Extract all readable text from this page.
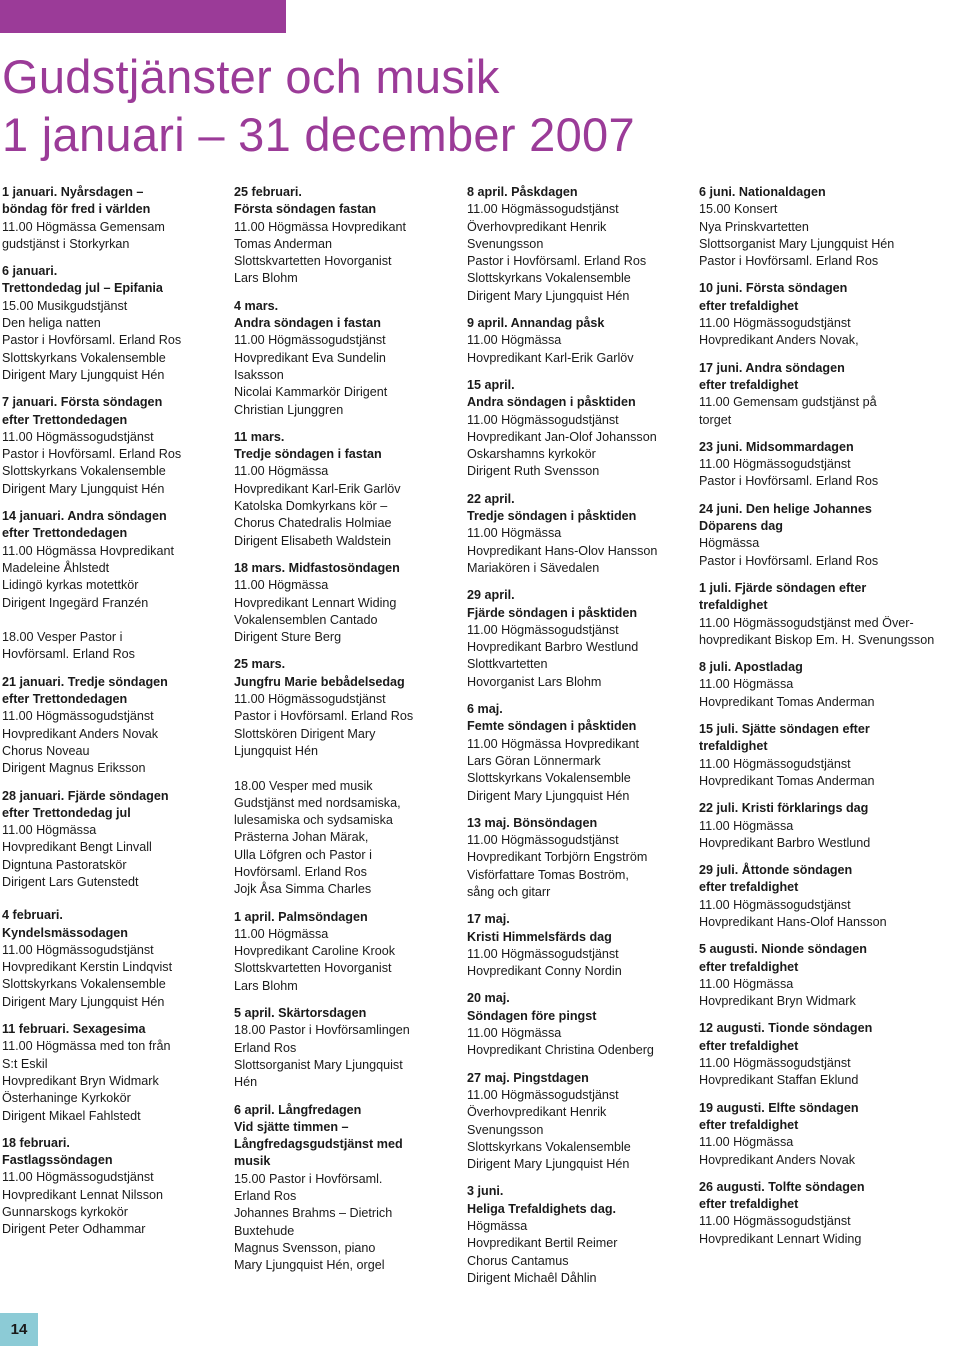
Gudstjänster och musik
1 januari – 31 december 2007
1 januari. Nyårsdagen –
böndag för fred i världen
11.00 Högmässa Gemensam
gudstjänst i Storkyrkan
6 januari.
Trettondedag jul – Epifania
15.00 Musikgudstjänst
Den heliga natten
Pastor i Hovförsaml. Erland Ros
Slottskyrkans Vokalensemble
Dirigent Mary Ljungquist Hén
7 januari. Första söndagen
efter Trettondedagen
11.00 Högmässogudstjänst
Pastor i Hovförsaml. Erland Ros
Slottskyrkans Vokalensemble
Dirigent Mary Ljungquist Hén
14 januari. Andra söndagen
efter Trettondedagen
11.00 Högmässa Hovpredikant
Madeleine Åhlstedt
Lidingö kyrkas motettkör
Dirigent Ingegärd Franzén

18.00 Vesper Pastor i
Hovförsaml. Erland Ros
21 januari. Tredje söndagen
efter Trettondedagen
11.00 Högmässogudstjänst
Hovpredikant Anders Novak
Chorus Noveau
Dirigent Magnus Eriksson
28 januari. Fjärde söndagen
efter Trettondedag jul
11.00 Högmässa
Hovpredikant Bengt Linvall
Digntuna Pastoratskör
Dirigent Lars Gutenstedt
4 februari.
Kyndelsmässodagen
11.00 Högmässogudstjänst
Hovpredikant Kerstin Lindqvist
Slottskyrkans Vokalensemble
Dirigent Mary Ljungquist Hén
11 februari. Sexagesima
11.00 Högmässa med ton från
S:t Eskil
Hovpredikant Bryn Widmark
Österhaninge Kyrkokör
Dirigent Mikael Fahlstedt
18 februari.
Fastlagssöndagen
11.00 Högmässogudstjänst
Hovpredikant Lennat Nilsson
Gunnarskogs kyrkokör
Dirigent Peter Odhammar
25 februari.
Första söndagen fastan
11.00 Högmässa Hovpredikant
Tomas Anderman
Slottskvartetten Hovorganist
Lars Blohm
4 mars.
Andra söndagen i fastan
11.00 Högmässogudstjänst
Hovpredikant Eva Sundelin
Isaksson
Nicolai Kammarkör Dirigent
Christian Ljunggren
11 mars.
Tredje söndagen i fastan
11.00 Högmässa
Hovpredikant Karl-Erik Garlöv
Katolska Domkyrkans kör –
Chorus Chatedralis Holmiae
Dirigent Elisabeth Waldstein
18 mars. Midfastosöndagen
11.00 Högmässa
Hovpredikant Lennart Widing
Vokalensemblen Cantado
Dirigent Sture Berg
25 mars.
Jungfru Marie bebådelsedag
11.00 Högmässogudstjänst
Pastor i Hovförsaml. Erland Ros
Slottskören Dirigent Mary
Ljungquist Hén

18.00 Vesper med musik
Gudstjänst med nordsamiska,
lulesamiska och sydsamiska
Prästerna Johan Märak,
Ulla Löfgren och Pastor i
Hovförsaml. Erland Ros
Jojk Åsa Simma Charles
1 april. Palmsöndagen
11.00 Högmässa
Hovpredikant Caroline Krook
Slottskvartetten Hovorganist
Lars Blohm
5 april. Skärtorsdagen
18.00 Pastor i Hovförsamlingen
Erland Ros
Slottsorganist Mary Ljungquist
Hén
6 april. Långfredagen
Vid sjätte timmen –
Långfredagsgudstjänst med
musik
15.00 Pastor i Hovförsaml.
Erland Ros
Johannes Brahms – Dietrich
Buxtehude
Magnus Svensson, piano
Mary Ljungquist Hén, orgel
8 april. Påskdagen
11.00 Högmässogudstjänst
Överhovpredikant Henrik
Svenungsson
Pastor i Hovförsaml. Erland Ros
Slottskyrkans Vokalensemble
Dirigent Mary Ljungquist Hén
9 april. Annandag påsk
11.00 Högmässa
Hovpredikant Karl-Erik Garlöv
15 april.
Andra söndagen i påsktiden
11.00 Högmässogudstjänst
Hovpredikant Jan-Olof Johansson
Oskarshamns kyrkokör
Dirigent Ruth Svensson
22 april.
Tredje söndagen i påsktiden
11.00 Högmässa
Hovpredikant Hans-Olov Hansson
Mariakören i Sävedalen
29 april.
Fjärde söndagen i påsktiden
11.00 Högmässogudstjänst
Hovpredikant Barbro Westlund
Slottkvartetten
Hovorganist Lars Blohm
6 maj.
Femte söndagen i påsktiden
11.00 Högmässa Hovpredikant
Lars Göran Lönnermark
Slottskyrkans Vokalensemble
Dirigent Mary Ljungquist Hén
13 maj. Bönsöndagen
11.00 Högmässogudstjänst
Hovpredikant Torbjörn Engström
Visförfattare Tomas Boström,
sång och gitarr
17 maj.
Kristi Himmelsfärds dag
11.00 Högmässogudstjänst
Hovpredikant Conny Nordin
20 maj.
Söndagen före pingst
11.00 Högmässa
Hovpredikant Christina Odenberg
27 maj. Pingstdagen
11.00 Högmässogudstjänst
Överhovpredikant Henrik
Svenungsson
Slottskyrkans Vokalensemble
Dirigent Mary Ljungquist Hén
3 juni.
Heliga Trefaldighets dag.
Högmässa
Hovpredikant Bertil Reimer
Chorus Cantamus
Dirigent Michaêl Dåhlin
6 juni. Nationaldagen
15.00 Konsert
Nya Prinskvartetten
Slottsorganist Mary Ljungquist Hén
Pastor i Hovförsaml. Erland Ros
10 juni. Första söndagen
efter trefaldighet
11.00 Högmässogudstjänst
Hovpredikant Anders Novak,
17 juni. Andra söndagen
efter trefaldighet
11.00 Gemensam gudstjänst på
torget
23 juni. Midsommardagen
11.00 Högmässogudstjänst
Pastor i Hovförsaml. Erland Ros
24 juni. Den helige Johannes
Döparens dag
Högmässa
Pastor i Hovförsaml. Erland Ros
1 juli. Fjärde söndagen efter
trefaldighet
11.00 Högmässogudstjänst med Över-
hovpredikant Biskop Em. H. Svenungsson
8 juli. Apostladag
11.00 Högmässa
Hovpredikant Tomas Anderman
15 juli. Sjätte söndagen efter
trefaldighet
11.00 Högmässogudstjänst
Hovpredikant Tomas Anderman
22 juli. Kristi förklarings dag
11.00 Högmässa
Hovpredikant Barbro Westlund
29 juli. Åttonde söndagen
efter trefaldighet
11.00 Högmässogudstjänst
Hovpredikant Hans-Olof Hansson
5 augusti. Nionde söndagen
efter trefaldighet
11.00 Högmässa
Hovpredikant Bryn Widmark
12 augusti. Tionde söndagen
efter trefaldighet
11.00 Högmässogudstjänst
Hovpredikant Staffan Eklund
19 augusti. Elfte söndagen
efter trefaldighet
11.00 Högmässa
Hovpredikant Anders Novak
26 augusti. Tolfte söndagen
efter trefaldighet
11.00 Högmässogudstjänst
Hovpredikant Lennart Widing
14
